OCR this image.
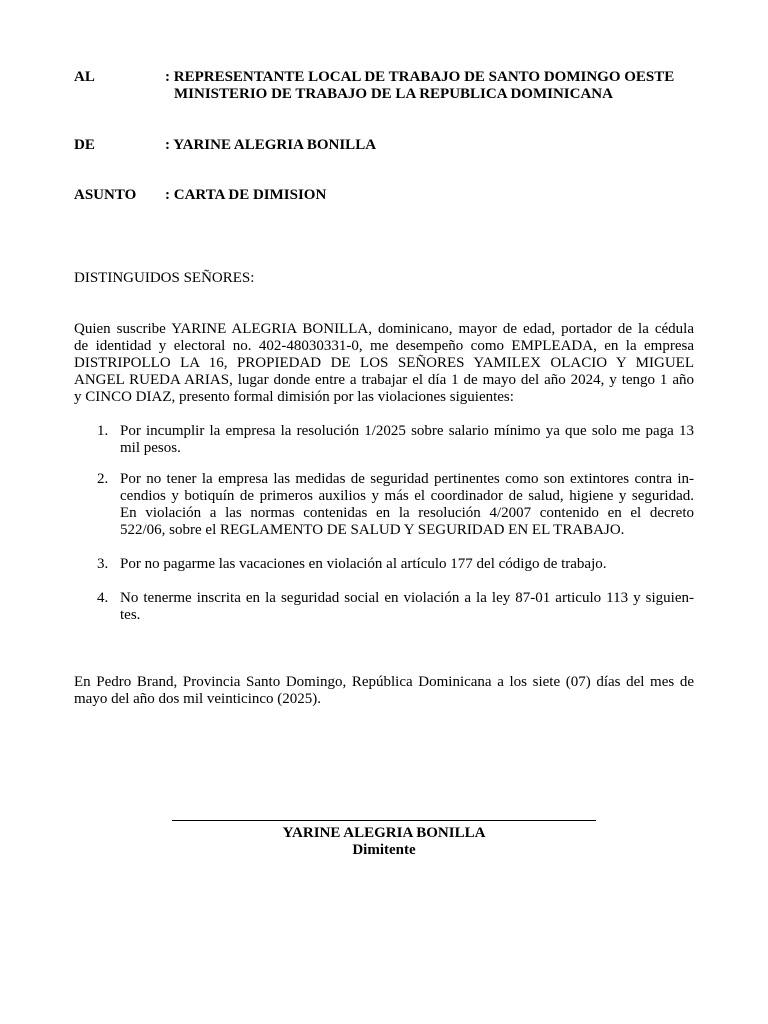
AL	: REPRESENTANTE LOCAL DE TRABAJO DE SANTO DOMINGO OESTE
MINISTERIO DE TRABAJO DE LA REPUBLICA DOMINICANA
DE	: YARINE ALEGRIA BONILLA
ASUNTO	: CARTA DE DIMISION
DISTINGUIDOS SEÑORES:
Quien suscribe YARINE ALEGRIA BONILLA, dominicano, mayor de edad, portador de la cédula
de identidad y electoral no. 402-48030331-0, me desempeño como EMPLEADA, en la empresa
DISTRIPOLLO LA 16, PROPIEDAD DE LOS SEÑORES YAMILEX OLACIO Y MIGUEL
ANGEL RUEDA ARIAS, lugar donde entre a trabajar el día 1 de mayo del año 2024, y tengo 1 año
y CINCO DIAZ, presento formal dimisión por las violaciones siguientes:
1. Por incumplir la empresa la resolución 1/2025 sobre salario mínimo ya que solo me paga 13
mil pesos.
2. Por no tener la empresa las medidas de seguridad pertinentes como son extintores contra in-
cendios y botiquín de primeros auxilios y más el coordinador de salud, higiene y seguridad.
En violación a las normas contenidas en la resolución 4/2007 contenido en el decreto
522/06, sobre el REGLAMENTO DE SALUD Y SEGURIDAD EN EL TRABAJO.
3. Por no pagarme las vacaciones en violación al artículo 177 del código de trabajo.
4. No tenerme inscrita en la seguridad social en violación a la ley 87-01 articulo 113 y siguien-
tes.
En Pedro Brand, Provincia Santo Domingo, República Dominicana a los siete (07) días del mes de
mayo del año dos mil veinticinco (2025).
YARINE ALEGRIA BONILLA
Dimitente
